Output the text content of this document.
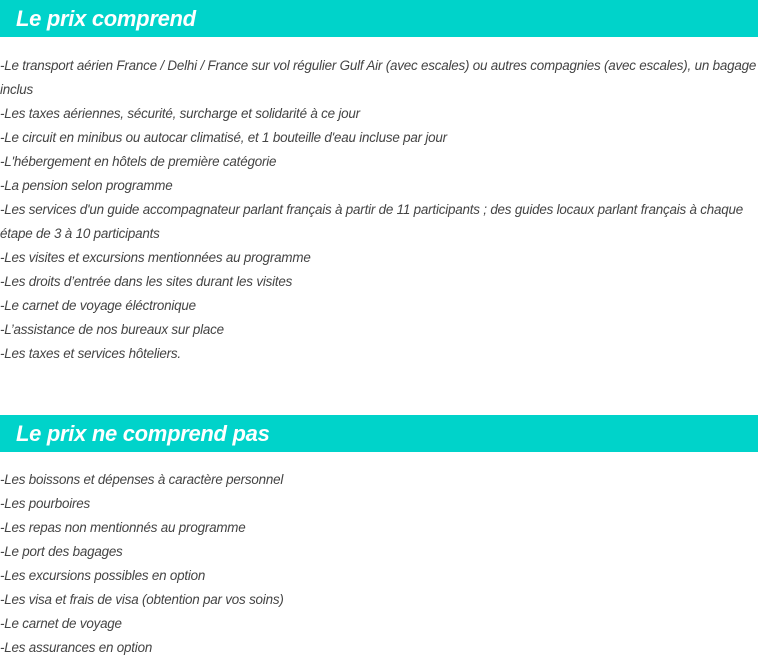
Le prix comprend
-Le transport aérien France / Delhi / France sur vol régulier Gulf Air (avec escales) ou autres compagnies (avec escales), un bagage inclus
-Les taxes aériennes, sécurité, surcharge et solidarité à ce jour
-Le circuit en minibus ou autocar climatisé, et 1 bouteille d'eau incluse par jour
-L'hébergement en hôtels de première catégorie
-La pension selon programme
-Les services d'un guide accompagnateur parlant français à partir de 11 participants ; des guides locaux parlant français à chaque étape de 3 à 10 participants
-Les visites et excursions mentionnées au programme
-Les droits d’entrée dans les sites durant les visites
-Le carnet de voyage éléctronique
-L’assistance de nos bureaux sur place
-Les taxes et services hôteliers.
Le prix ne comprend pas
-Les boissons et dépenses à caractère personnel
-Les pourboires
-Les repas non mentionnés au programme
-Le port des bagages
-Les excursions possibles en option
-Les visa et frais de visa (obtention par vos soins)
-Le carnet de voyage
-Les assurances en option
